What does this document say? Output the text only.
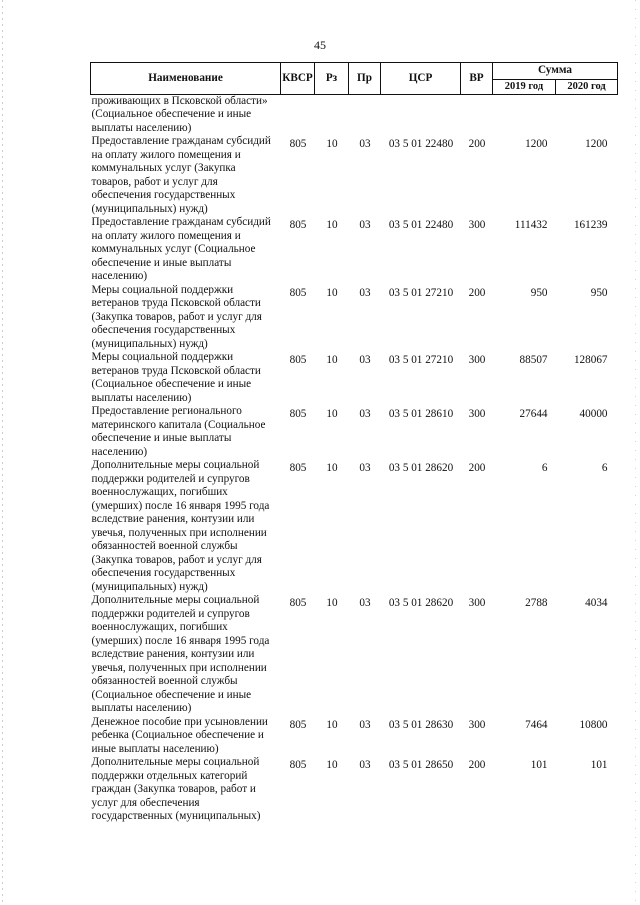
45
Наименование	КВСР	Рз	Пр	ЦСР	ВР	Сумма	
						2019 год	2020 год
проживающих в Псковской области» (Социальное обеспечение и иные выплаты населению)							
Предоставление гражданам субсидий на оплату жилого помещения и коммунальных услуг (Закупка товаров, работ и услуг для обеспечения государственных (муниципальных) нужд)	805	10	03	03 5 01 22480	200	1200	1200
Предоставление гражданам субсидий на оплату жилого помещения и коммунальных услуг (Социальное обеспечение и иные выплаты населению)	805	10	03	03 5 01 22480	300	111432	161239
Меры социальной поддержки ветеранов труда Псковской области (Закупка товаров, работ и услуг для обеспечения государственных (муниципальных) нужд)	805	10	03	03 5 01 27210	200	950	950
Меры социальной поддержки ветеранов труда Псковской области (Социальное обеспечение и иные выплаты населению)	805	10	03	03 5 01 27210	300	88507	128067
Предоставление регионального материнского капитала (Социальное обеспечение и иные выплаты населению)	805	10	03	03 5 01 28610	300	27644	40000
Дополнительные меры социальной поддержки родителей и супругов военнослужащих, погибших (умерших) после 16 января 1995 года вследствие ранения, контузии или увечья, полученных при исполнении обязанностей военной службы (Закупка товаров, работ и услуг для обеспечения государственных (муниципальных) нужд)	805	10	03	03 5 01 28620	200	6	6
Дополнительные меры социальной поддержки родителей и супругов военнослужащих, погибших (умерших) после 16 января 1995 года вследствие ранения, контузии или увечья, полученных при исполнении обязанностей военной службы (Социальное обеспечение и иные выплаты населению)	805	10	03	03 5 01 28620	300	2788	4034
Денежное пособие при усыновлении ребенка (Социальное обеспечение и иные выплаты населению)	805	10	03	03 5 01 28630	300	7464	10800
Дополнительные меры социальной поддержки отдельных категорий граждан (Закупка товаров, работ и услуг для обеспечения государственных (муниципальных)	805	10	03	03 5 01 28650	200	101	101
